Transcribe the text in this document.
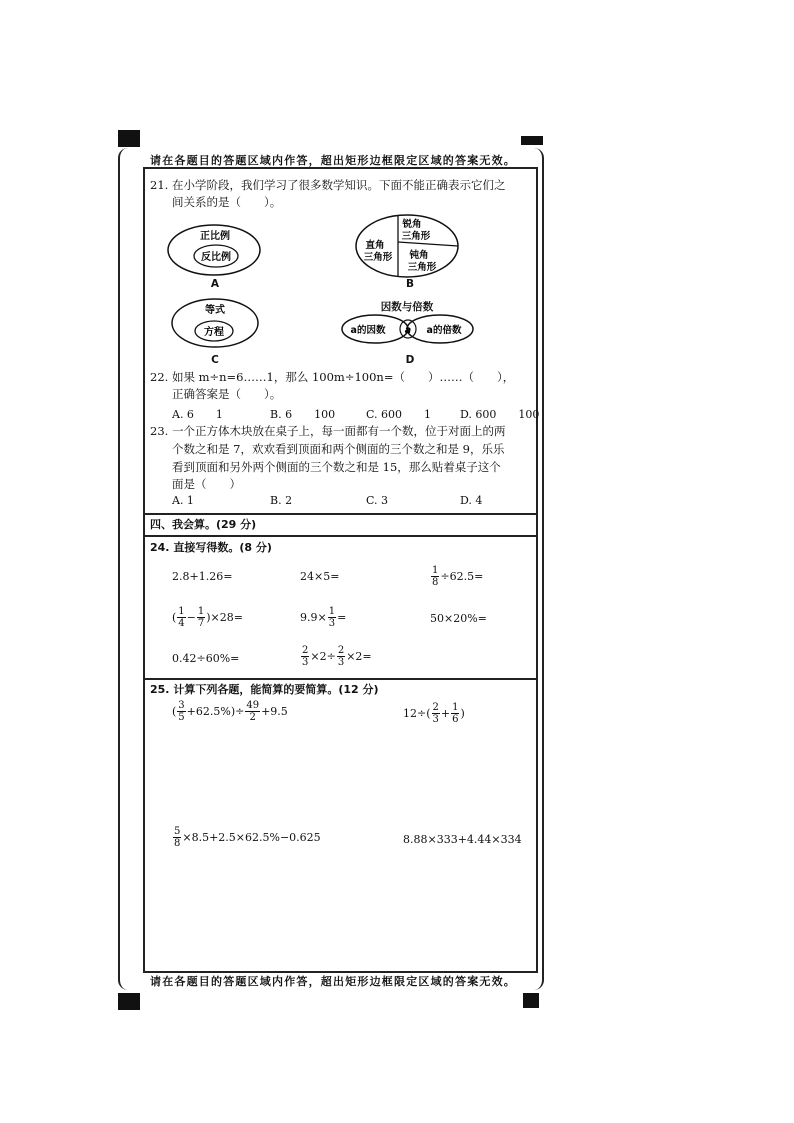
请在各题目的答题区域内作答，超出矩形边框限定区域的答案无效。
请在各题目的答题区域内作答，超出矩形边框限定区域的答案无效。
21. 在小学阶段，我们学习了很多数学知识。下面不能正确表示它们之
间关系的是（　　）。
正比例
反比例
A
锐角
三角形
直角
三角形 钝角
三角形
B
等式
方程
C
因数与倍数
a的因数 a a的倍数
D
22. 如果 m÷n=6……1，那么 100m÷100n=（　　）……（　　），
正确答案是（　　）。
A. 6　　1	B. 6　　100	C. 600　　1	D. 600　　100
23. 一个正方体木块放在桌子上，每一面都有一个数，位于对面上的两
个数之和是 7，欢欢看到顶面和两个侧面的三个数之和是 9，乐乐
看到顶面和另外两个侧面的三个数之和是 15，那么贴着桌子这个
面是（　　）
A. 1	B. 2	C. 3	D. 4
四、我会算。(29 分)
24. 直接写得数。(8 分)
2.8+1.26=	24×5=	$\frac{1}{8} \div 62.5=$
( $\frac{1}{4} - \frac{1}{7} )\times 28=$	$9.9\times \frac{1}{3}$ =	50×20%=
0.42÷60%=	$\frac{2}{3} \times 2\div \frac{2}{3} \times 2=$
25. 计算下列各题，能简算的要简算。(12 分)
( $\frac{3}{5} +62.5\%)\div \frac{49}{2} +9.5$	$12\div( \frac{2}{3} + \frac{1}{6}$ )
$\frac{5}{8} \times 8.5+2.5\times 62.5\%-0.625$	8.88×333+4.44×334
